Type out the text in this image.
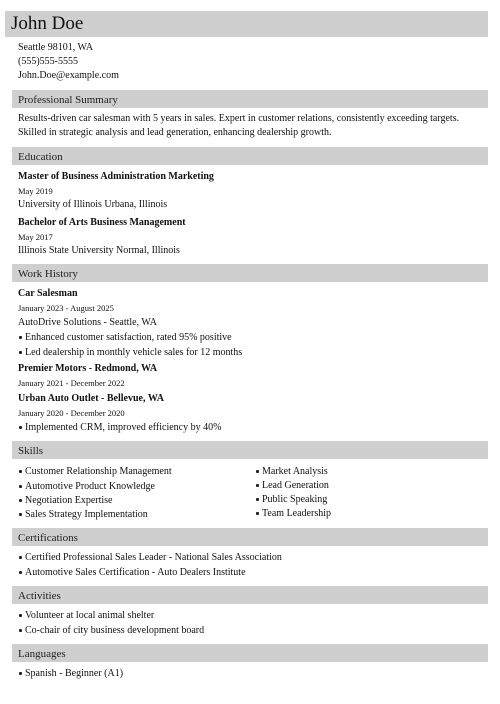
John Doe
Seattle 98101, WA
(555)555-5555
John.Doe@example.com
Professional Summary
Results-driven car salesman with 5 years in sales. Expert in customer relations, consistently exceeding targets. Skilled in strategic analysis and lead generation, enhancing dealership growth.
Education
Master of Business Administration Marketing
May 2019
University of Illinois Urbana, Illinois
Bachelor of Arts Business Management
May 2017
Illinois State University Normal, Illinois
Work History
Car Salesman
January 2023 - August 2025
AutoDrive Solutions - Seattle, WA
Enhanced customer satisfaction, rated 95% positive
Led dealership in monthly vehicle sales for 12 months
Premier Motors - Redmond, WA
January 2021 - December 2022
Urban Auto Outlet - Bellevue, WA
January 2020 - December 2020
Implemented CRM, improved efficiency by 40%
Skills
Customer Relationship Management
Automotive Product Knowledge
Negotiation Expertise
Sales Strategy Implementation
Market Analysis
Lead Generation
Public Speaking
Team Leadership
Certifications
Certified Professional Sales Leader - National Sales Association
Automotive Sales Certification - Auto Dealers Institute
Activities
Volunteer at local animal shelter
Co-chair of city business development board
Languages
Spanish - Beginner (A1)
